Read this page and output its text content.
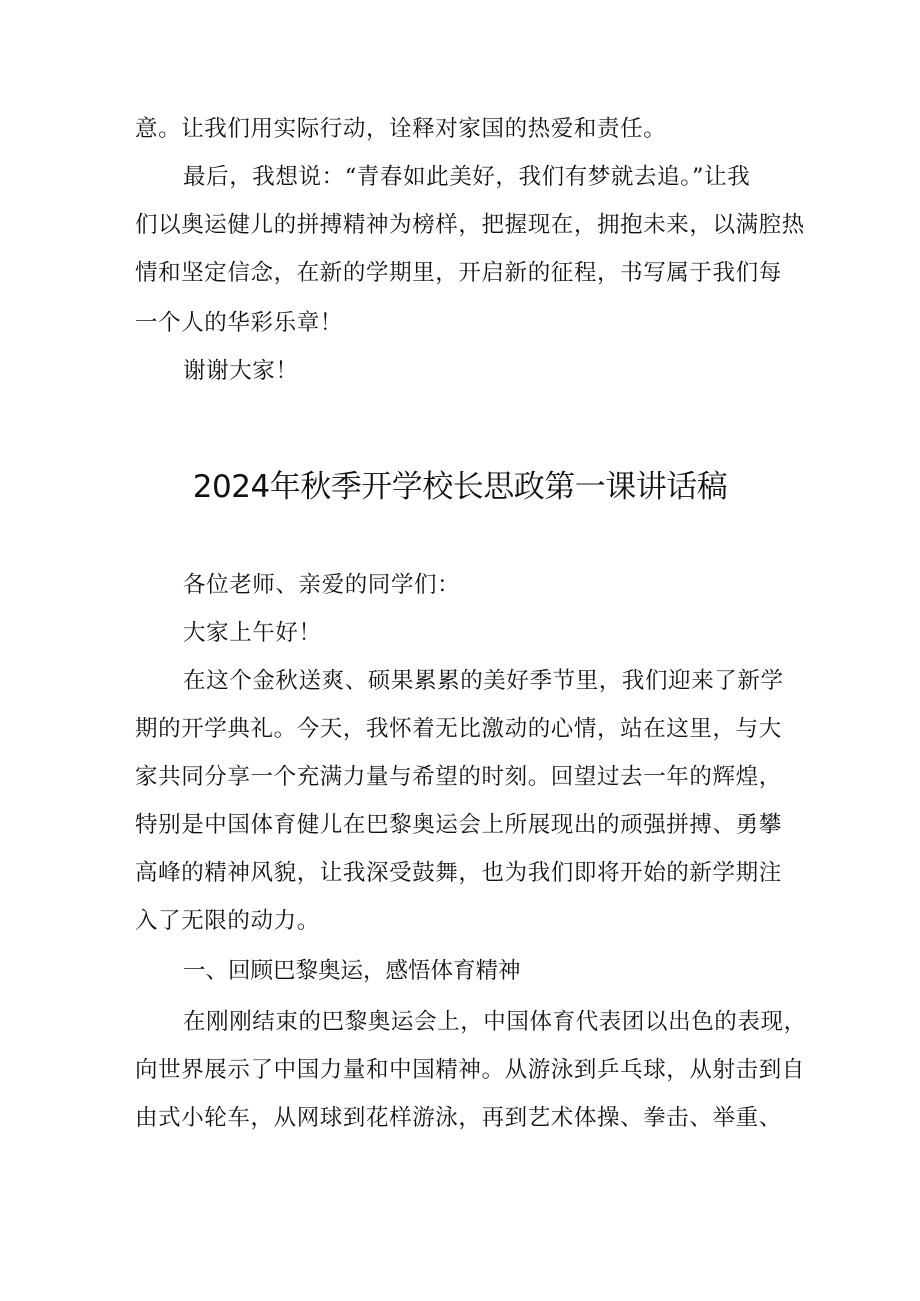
意。让我们用实际行动，诠释对家国的热爱和责任。
最后，我想说：“青春如此美好，我们有梦就去追。”让我
们以奥运健儿的拼搏精神为榜样，把握现在，拥抱未来，以满腔热
情和坚定信念，在新的学期里，开启新的征程，书写属于我们每
一个人的华彩乐章！
谢谢大家！
2024年秋季开学校长思政第一课讲话稿
各位老师、亲爱的同学们：
大家上午好！
在这个金秋送爽、硕果累累的美好季节里，我们迎来了新学
期的开学典礼。今天，我怀着无比激动的心情，站在这里，与大
家共同分享一个充满力量与希望的时刻。回望过去一年的辉煌，
特别是中国体育健儿在巴黎奥运会上所展现出的顽强拼搏、勇攀
高峰的精神风貌，让我深受鼓舞，也为我们即将开始的新学期注
入了无限的动力。
一、回顾巴黎奥运，感悟体育精神
在刚刚结束的巴黎奥运会上，中国体育代表团以出色的表现，
向世界展示了中国力量和中国精神。从游泳到乒乓球，从射击到自
由式小轮车，从网球到花样游泳，再到艺术体操、拳击、举重、
